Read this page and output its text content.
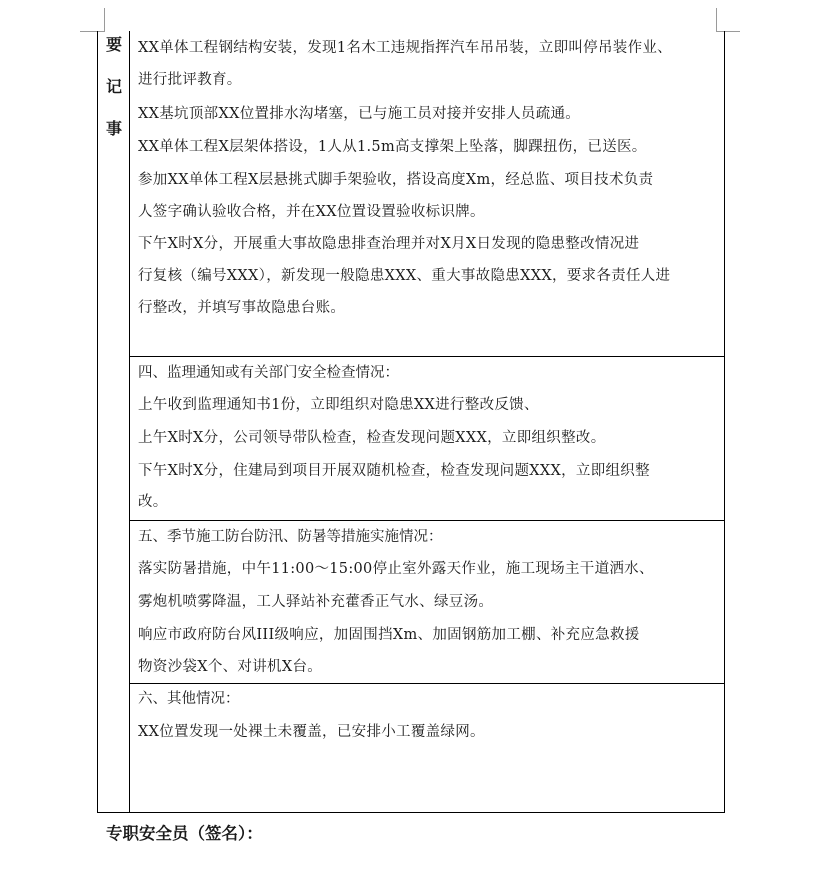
要
记
事
XX单体工程钢结构安装，发现1名木工违规指挥汽车吊吊装，立即叫停吊装作业、
进行批评教育。
XX基坑顶部XX位置排水沟堵塞，已与施工员对接并安排人员疏通。
XX单体工程X层架体搭设，1人从1.5m高支撑架上坠落，脚踝扭伤，已送医。
参加XX单体工程X层悬挑式脚手架验收，搭设高度Xm，经总监、项目技术负责
人签字确认验收合格，并在XX位置设置验收标识牌。
下午X时X分，开展重大事故隐患排查治理并对X月X日发现的隐患整改情况进
行复核（编号XXX），新发现一般隐患XXX、重大事故隐患XXX，要求各责任人进
行整改，并填写事故隐患台账。
四、监理通知或有关部门安全检查情况：
上午收到监理通知书1份，立即组织对隐患XX进行整改反馈、
上午X时X分，公司领导带队检查，检查发现问题XXX，立即组织整改。
下午X时X分，住建局到项目开展双随机检查，检查发现问题XXX，立即组织整
改。
五、季节施工防台防汛、防暑等措施实施情况：
落实防暑措施，中午11:00～15:00停止室外露天作业，施工现场主干道洒水、
雾炮机喷雾降温，工人驿站补充藿香正气水、绿豆汤。
响应市政府防台风III级响应，加固围挡Xm、加固钢筋加工棚、补充应急救援
物资沙袋X个、对讲机X台。
六、其他情况：
XX位置发现一处裸土未覆盖，已安排小工覆盖绿网。
专职安全员（签名）：
